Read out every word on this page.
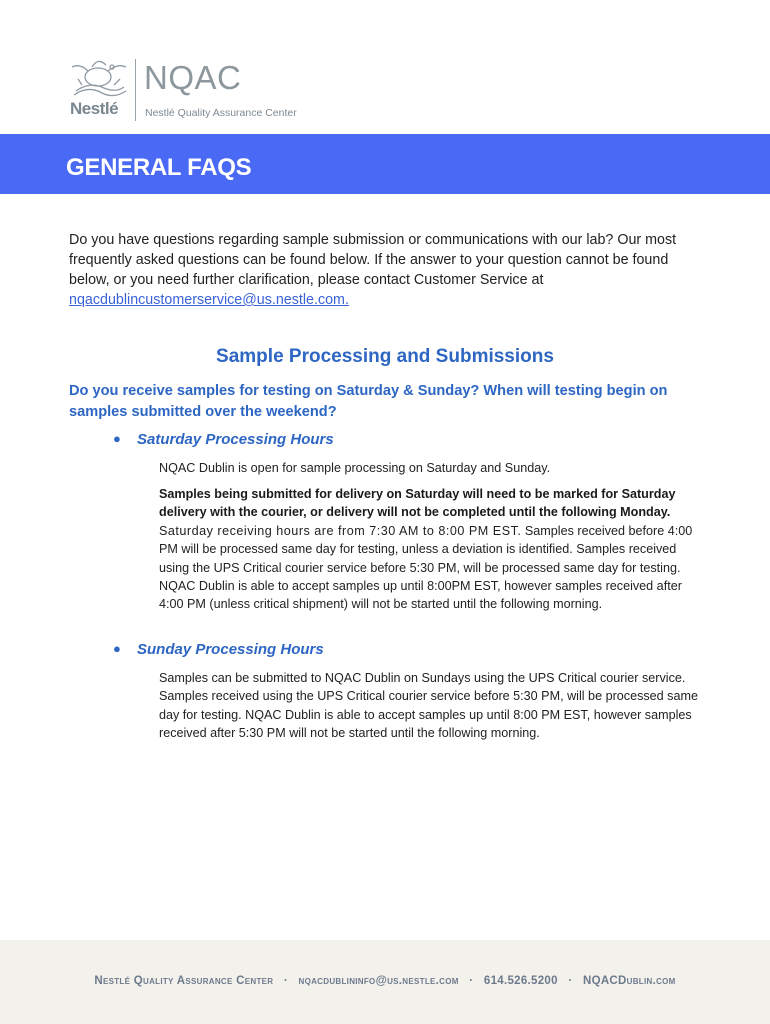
Nestlé
NQAC
Nestlé Quality Assurance Center
GENERAL FAQS
Do you have questions regarding sample submission or communications with our lab? Our most frequently asked questions can be found below. If the answer to your question cannot be found below, or you need further clarification, please contact Customer Service at nqacdublincustomerservice@us.nestle.com.
Sample Processing and Submissions
Do you receive samples for testing on Saturday & Sunday? When will testing begin on samples submitted over the weekend?
● Saturday Processing Hours
NQAC Dublin is open for sample processing on Saturday and Sunday.
Samples being submitted for delivery on Saturday will need to be marked for Saturday delivery with the courier, or delivery will not be completed until the following Monday. Saturday receiving hours are from 7:30 AM to 8:00 PM EST. Samples received before 4:00 PM will be processed same day for testing, unless a deviation is identified. Samples received using the UPS Critical courier service before 5:30 PM, will be processed same day for testing. NQAC Dublin is able to accept samples up until 8:00PM EST, however samples received after 4:00 PM (unless critical shipment) will not be started until the following morning.
● Sunday Processing Hours
Samples can be submitted to NQAC Dublin on Sundays using the UPS Critical courier service. Samples received using the UPS Critical courier service before 5:30 PM, will be processed same day for testing. NQAC Dublin is able to accept samples up until 8:00 PM EST, however samples received after 5:30 PM will not be started until the following morning.
Nestlé Quality Assurance Center · nqacdublininfo@us.nestle.com · 614.526.5200 · NQACDublin.com
